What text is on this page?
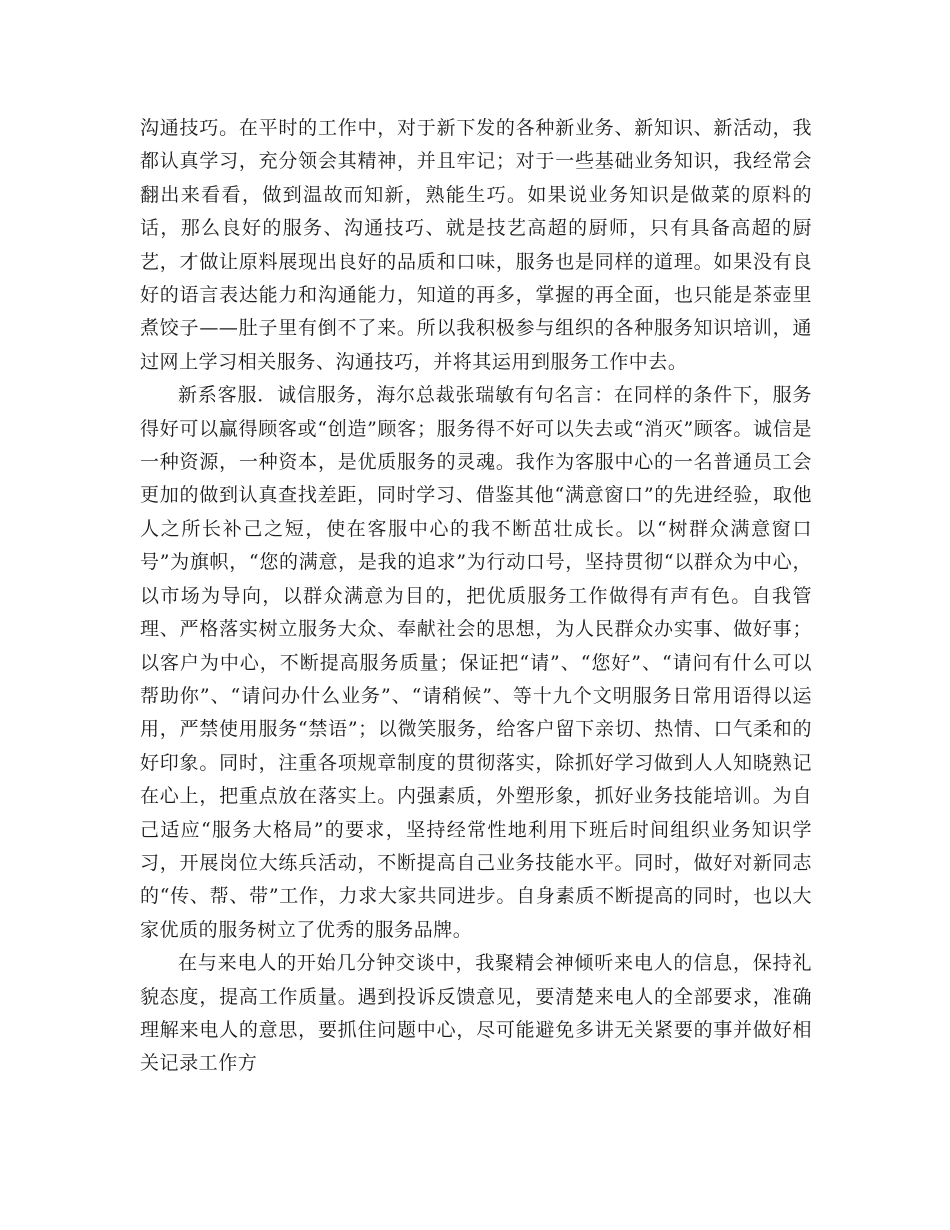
沟通技巧。在平时的工作中，对于新下发的各种新业务、新知识、新活动，我都认真学习，充分领会其精神，并且牢记；对于一些基础业务知识，我经常会翻出来看看，做到温故而知新，熟能生巧。如果说业务知识是做菜的原料的话，那么良好的服务、沟通技巧、就是技艺高超的厨师，只有具备高超的厨艺，才做让原料展现出良好的品质和口味，服务也是同样的道理。如果没有良好的语言表达能力和沟通能力，知道的再多，掌握的再全面，也只能是茶壶里煮饺子——肚子里有倒不了来。所以我积极参与组织的各种服务知识培训，通过网上学习相关服务、沟通技巧，并将其运用到服务工作中去。

新系客服．诚信服务，海尔总裁张瑞敏有句名言：在同样的条件下，服务得好可以赢得顾客或“创造”顾客；服务得不好可以失去或“消灭”顾客。诚信是一种资源，一种资本，是优质服务的灵魂。我作为客服中心的一名普通员工会更加的做到认真查找差距，同时学习、借鉴其他“满意窗口”的先进经验，取他人之所长补己之短，使在客服中心的我不断茁壮成长。以“树群众满意窗口号”为旗帜，“您的满意，是我的追求”为行动口号，坚持贯彻“以群众为中心，以市场为导向，以群众满意为目的，把优质服务工作做得有声有色。自我管理、严格落实树立服务大众、奉献社会的思想，为人民群众办实事、做好事；以客户为中心，不断提高服务质量；保证把“请”、“您好”、“请问有什么可以帮助你”、“请问办什么业务”、“请稍候”、等十九个文明服务日常用语得以运用，严禁使用服务“禁语”；以微笑服务，给客户留下亲切、热情、口气柔和的好印象。同时，注重各项规章制度的贯彻落实，除抓好学习做到人人知晓熟记在心上，把重点放在落实上。内强素质，外塑形象，抓好业务技能培训。为自己适应“服务大格局”的要求，坚持经常性地利用下班后时间组织业务知识学习，开展岗位大练兵活动，不断提高自己业务技能水平。同时，做好对新同志的“传、帮、带”工作，力求大家共同进步。自身素质不断提高的同时，也以大家优质的服务树立了优秀的服务品牌。

在与来电人的开始几分钟交谈中，我聚精会神倾听来电人的信息，保持礼貌态度，提高工作质量。遇到投诉反馈意见，要清楚来电人的全部要求，准确理解来电人的意思，要抓住问题中心，尽可能避免多讲无关紧要的事并做好相关记录工作方
